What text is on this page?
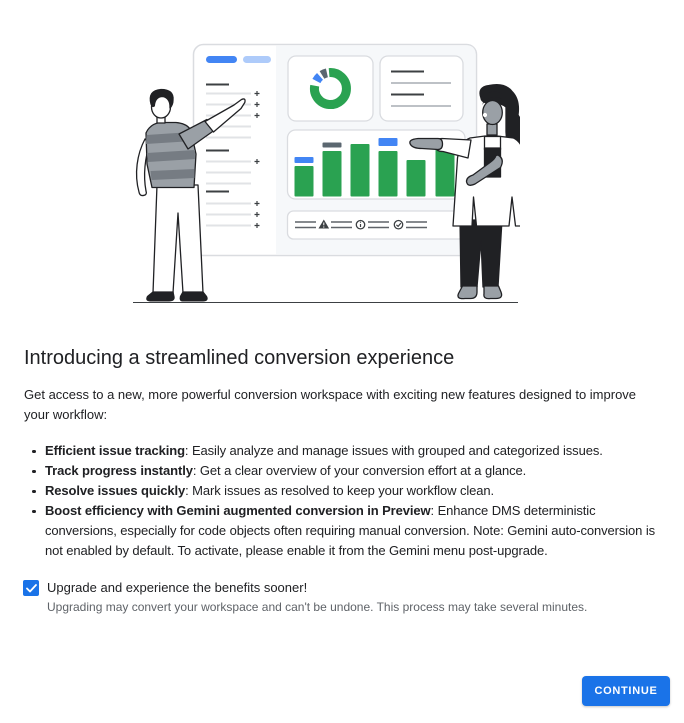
Introducing a streamlined conversion experience

Get access to a new, more powerful conversion workspace with exciting new features designed to improve your workflow:

Efficient issue tracking: Easily analyze and manage issues with grouped and categorized issues.
Track progress instantly: Get a clear overview of your conversion effort at a glance.
Resolve issues quickly: Mark issues as resolved to keep your workflow clean.
Boost efficiency with Gemini augmented conversion in Preview: Enhance DMS deterministic conversions, especially for code objects often requiring manual conversion. Note: Gemini auto-conversion is not enabled by default. To activate, please enable it from the Gemini menu post-upgrade.
Upgrade and experience the benefits sooner!
Upgrading may convert your workspace and can't be undone. This process may take several minutes.
CONTINUE
